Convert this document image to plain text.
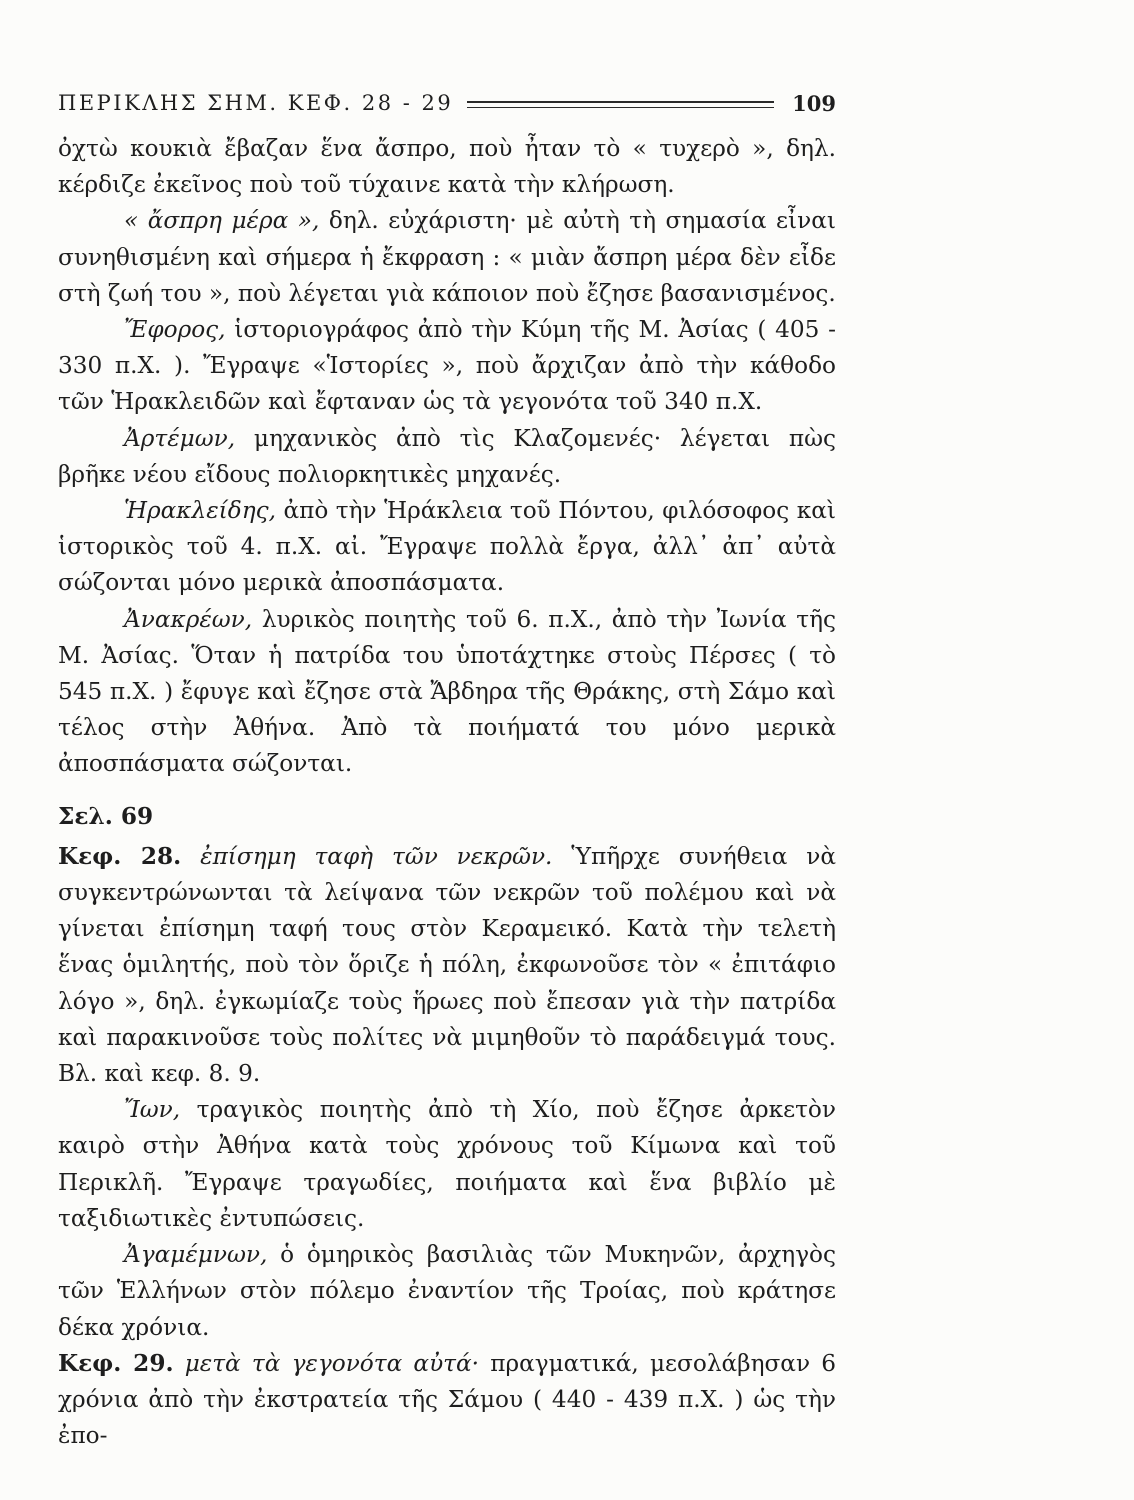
ΠΕΡΙΚΛΗΣ ΣΗΜ. ΚΕΦ. 28 - 29	109

ὀχτὼ κουκιὰ ἔβαζαν ἕνα ἄσπρο, ποὺ ἦταν τὸ « τυχερὸ », δηλ. κέρδιζε ἐκεῖνος ποὺ τοῦ τύχαινε κατὰ τὴν κλήρωση.

« ἄσπρη μέρα », δηλ. εὐχάριστη· μὲ αὐτὴ τὴ σημασία εἶναι συνηθισμένη καὶ σήμερα ἡ ἔκφραση : « μιὰν ἄσπρη μέρα δὲν εἶδε στὴ ζωή του », ποὺ λέγεται γιὰ κάποιον ποὺ ἔζησε βασανισμένος.

Ἔφορος, ἱστοριογράφος ἀπὸ τὴν Κύμη τῆς Μ. Ἀσίας ( 405 - 330 π.Χ. ). Ἔγραψε «Ἱστορίες », ποὺ ἄρχιζαν ἀπὸ τὴν κάθοδο τῶν Ἡρακλειδῶν καὶ ἔφταναν ὡς τὰ γεγονότα τοῦ 340 π.Χ.

Ἀρτέμων, μηχανικὸς ἀπὸ τὶς Κλαζομενές· λέγεται πὼς βρῆκε νέου εἴδους πολιορκητικὲς μηχανές.

Ἡρακλείδης, ἀπὸ τὴν Ἡράκλεια τοῦ Πόντου, φιλόσοφος καὶ ἱστορικὸς τοῦ 4. π.Χ. αἰ. Ἔγραψε πολλὰ ἔργα, ἀλλ᾽ ἀπ᾽ αὐτὰ σώζονται μόνο μερικὰ ἀποσπάσματα.

Ἀνακρέων, λυρικὸς ποιητὴς τοῦ 6. π.Χ., ἀπὸ τὴν Ἰωνία τῆς Μ. Ἀσίας. Ὅταν ἡ πατρίδα του ὑποτάχτηκε στοὺς Πέρσες ( τὸ 545 π.Χ. ) ἔφυγε καὶ ἔζησε στὰ Ἄβδηρα τῆς Θράκης, στὴ Σάμο καὶ τέλος στὴν Ἀθήνα. Ἀπὸ τὰ ποιήματά του μόνο μερικὰ ἀποσπάσματα σώζονται.

Σελ. 69

Κεφ. 28. ἐπίσημη ταφὴ τῶν νεκρῶν. Ὑπῆρχε συνήθεια νὰ συγκεντρώνωνται τὰ λείψανα τῶν νεκρῶν τοῦ πολέμου καὶ νὰ γίνεται ἐπίσημη ταφή τους στὸν Κεραμεικό. Κατὰ τὴν τελετὴ ἕνας ὁμιλητής, ποὺ τὸν ὅριζε ἡ πόλη, ἐκφωνοῦσε τὸν « ἐπιτάφιο λόγο », δηλ. ἐγκωμίαζε τοὺς ἥρωες ποὺ ἔπεσαν γιὰ τὴν πατρίδα καὶ παρακινοῦσε τοὺς πολίτες νὰ μιμηθοῦν τὸ παράδειγμά τους. Βλ. καὶ κεφ. 8. 9.

Ἴων, τραγικὸς ποιητὴς ἀπὸ τὴ Χίο, ποὺ ἔζησε ἀρκετὸν καιρὸ στὴν Ἀθήνα κατὰ τοὺς χρόνους τοῦ Κίμωνα καὶ τοῦ Περικλῆ. Ἔγραψε τραγωδίες, ποιήματα καὶ ἕνα βιβλίο μὲ ταξιδιωτικὲς ἐντυπώσεις.

Ἀγαμέμνων, ὁ ὁμηρικὸς βασιλιὰς τῶν Μυκηνῶν, ἀρχηγὸς τῶν Ἑλλήνων στὸν πόλεμο ἐναντίον τῆς Τροίας, ποὺ κράτησε δέκα χρόνια.

Κεφ. 29. μετὰ τὰ γεγονότα αὐτά· πραγματικά, μεσολάβησαν 6 χρόνια ἀπὸ τὴν ἐκστρατεία τῆς Σάμου ( 440 - 439 π.Χ. ) ὡς τὴν ἐπο-
